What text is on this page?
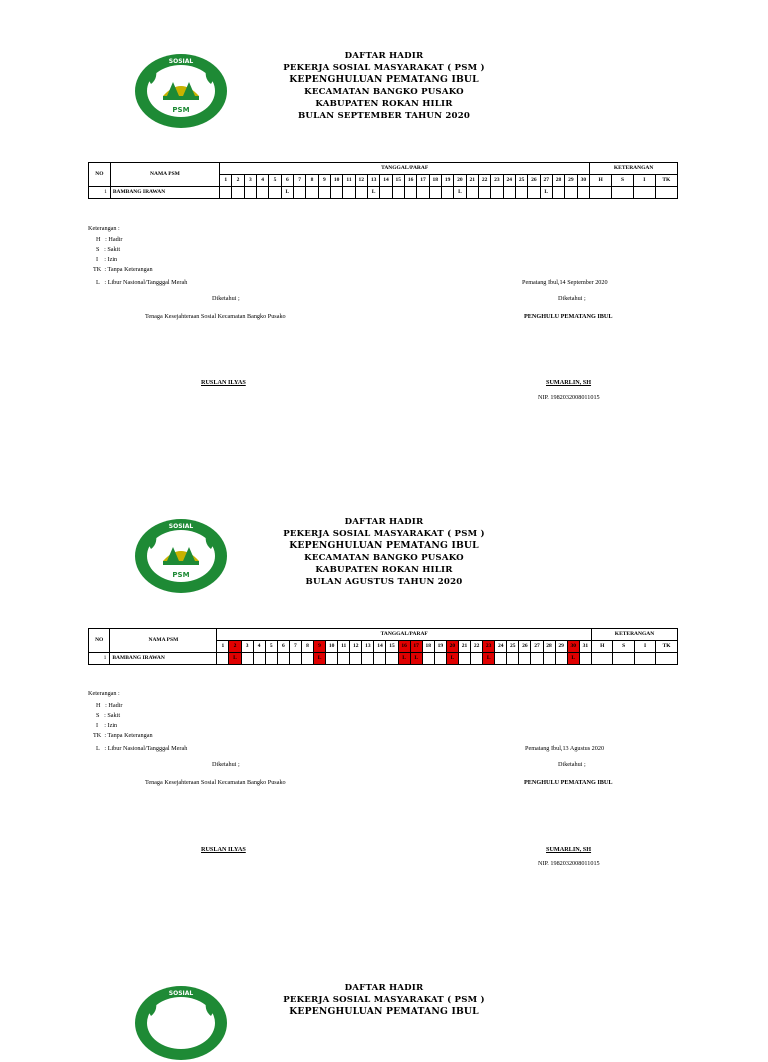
PSM
SOSIAL
DAFTAR HADIR
PEKERJA SOSIAL MASYARAKAT ( PSM )
KEPENGHULUAN PEMATANG IBUL
KECAMATAN BANGKO PUSAKO
KABUPATEN ROKAN HILIR
BULAN SEPTEMBER TAHUN 2020
NO	NAMA PSM	TANGGAL/PARAF																														KETERANGAN			
		1	2	3	4	5	6	7	8	9	10	11	12	13	14	15	16	17	18	19	20	21	22	23	24	25	26	27	28	29	30	H	S	I	TK
1	BAMBANG IRAWAN						L							L							L							L							
Keterangan :
H : Hadir
S : Sakit
I : Izin
TK : Tanpa Keterangan
L : Libur Nasional/Tangggal Merah	Pematang Ibul,14 September 2020
Diketahui ;	Diketahui ;
Tenaga Kesejahteraan Sosial Kecamatan Bangko Pusako	PENGHULU PEMATANG IBUL
RUSLAN ILYAS	SUMARLIN, SH
NIP. 1982032008011015
PSM
SOSIAL	DAFTAR HADIR
PEKERJA SOSIAL MASYARAKAT ( PSM )
KEPENGHULUAN PEMATANG IBUL
KECAMATAN BANGKO PUSAKO
KABUPATEN ROKAN HILIR
BULAN AGUSTUS TAHUN 2020
NO	NAMA PSM	TANGGAL/PARAF																															KETERANGAN			
		1	2	3	4	5	6	7	8	9	10	11	12	13	14	15	16	17	18	19	20	21	22	23	24	25	26	27	28	29	30	31	H	S	I	TK
1	BAMBANG IRAWAN		L							L							L	L			L			L							L					
Keterangan :
H : Hadir
S : Sakit
I : Izin
TK : Tanpa Keterangan
L : Libur Nasional/Tangggal Merah	Pematang Ibul,13 Agustus 2020
Diketahui ;	Diketahui ;
Tenaga Kesejahteraan Sosial Kecamatan Bangko Pusako	PENGHULU PEMATANG IBUL
RUSLAN ILYAS	SUMARLIN, SH
NIP. 1982032008011015
SOSIAL
DAFTAR HADIR
PEKERJA SOSIAL MASYARAKAT ( PSM )
KEPENGHULUAN PEMATANG IBUL
